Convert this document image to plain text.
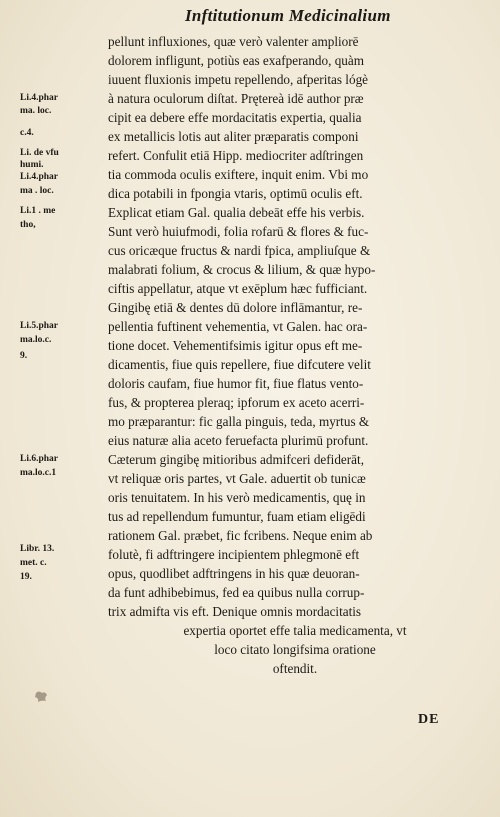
Inftitutionum Medicinalium
pellunt influxiones, quæ verò valenter ampliorē
dolorem infligunt, potiùs eas exafperando, quàm
iuuent fluxionis impetu repellendo, afperitas lógè
à natura oculorum diſtat. Prętereà idē author præ
cipit ea debere effe mordacitatis expertia, qualia
ex metallicis lotis aut aliter præparatis componi
refert. Confulit etiā Hipp. mediocriter adſtringen
tia commoda oculis exiftere, inquit enim. Vbi mo
dica potabili in fpongia vtaris, optimū oculis eft.
Explicat etiam Gal. qualia debeāt effe his verbis.
Sunt verò huiufmodi, folia rofarū & flores & fuc-
cus oricæque fructus & nardi fpica, ampliuſque &
malabrati folium, & crocus & lilium, & quæ hypo-
ciftis appellatur, atque vt exēplum hæc fufficiant.
Gingibę etiā & dentes dū dolore inflāmantur, re-
pellentia fuftinent vehementia, vt Galen. hac ora-
tione docet. Vehementifsimis igitur opus eft me-
dicamentis, fiue quis repellere, fiue difcutere velit
doloris caufam, fiue humor fit, fiue flatus vento-
fus, & propterea pleraq; ipforum ex aceto acerri-
mo præparantur: fic galla pinguis, teda, myrtus &
eius naturæ alia aceto feruefacta plurimū profunt.
Cæterum gingibę mitioribus admifceri defiderāt,
vt reliquæ oris partes, vt Gale. aduertit ob tunicæ
oris tenuitatem. In his verò medicamentis, quę in
tus ad repellendum fumuntur, fuam etiam eligēdi
rationem Gal. præbet, fic fcribens. Neque enim ab
folutè, fi adftringere incipientem phlegmonē eft
opus, quodlibet adftringens in his quæ deuoran-
da funt adhibebimus, fed ea quibus nulla corrup-
trix admifta vis eft. Denique omnis mordacitatis
expertia oportet effe talia medicamenta, vt
loco citato longifsima oratione
oftendit.
Li.4.phar
ma. loc.
c.4.
Li. de vfu
humi.
Li.4.phar
ma . loc.
Li.1 . me
tho,
Li.5.phar
ma.lo.c.
9.
Li.6.phar
ma.lo.c.1
Libr. 13.
met. c.
19.
DE
